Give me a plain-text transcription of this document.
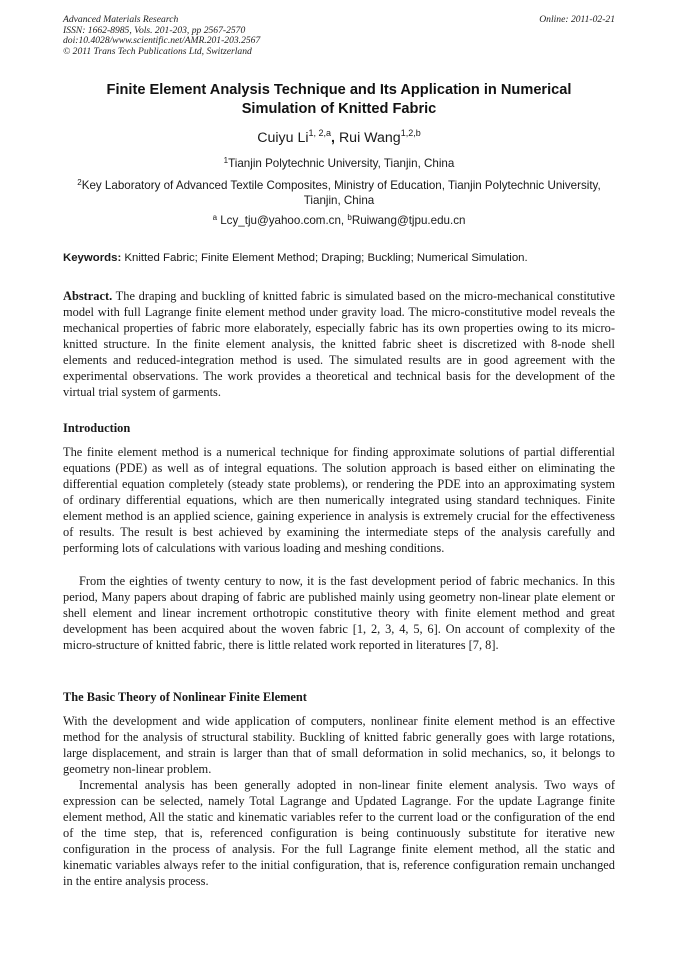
Advanced Materials Research
ISSN: 1662-8985, Vols. 201-203, pp 2567-2570
doi:10.4028/www.scientific.net/AMR.201-203.2567
© 2011 Trans Tech Publications Ltd, Switzerland
Online: 2011-02-21
Finite Element Analysis Technique and Its Application in Numerical
Simulation of Knitted Fabric
Cuiyu Li$^{1, 2,a}$, Rui Wang$^{1,2,b}$
$^1$Tianjin Polytechnic University, Tianjin, China
$^2$Key Laboratory of Advanced Textile Composites, Ministry of Education, Tianjin Polytechnic University, Tianjin, China
$^a$ Lcy_tju@yahoo.com.cn, $^b$Ruiwang@tjpu.edu.cn
Keywords: Knitted Fabric; Finite Element Method; Draping; Buckling; Numerical Simulation.
Abstract. The draping and buckling of knitted fabric is simulated based on the micro-mechanical constitutive model with full Lagrange finite element method under gravity load. The micro-constitutive model reveals the mechanical properties of fabric more elaborately, especially fabric has its own properties owing to its micro-knitted structure. In the finite element analysis, the knitted fabric sheet is discretized with 8-node shell elements and reduced-integration method is used. The simulated results are in good agreement with the experimental observations. The work provides a theoretical and technical basis for the development of the virtual trial system of garments.
Introduction
The finite element method is a numerical technique for finding approximate solutions of partial differential equations (PDE) as well as of integral equations. The solution approach is based either on eliminating the differential equation completely (steady state problems), or rendering the PDE into an approximating system of ordinary differential equations, which are then numerically integrated using standard techniques. Finite element method is an applied science, gaining experience in analysis is extremely crucial for the effectiveness of results. The result is best achieved by examining the intermediate steps of the analysis carefully and performing lots of calculations with various loading and meshing conditions.
From the eighties of twenty century to now, it is the fast development period of fabric mechanics. In this period, Many papers about draping of fabric are published mainly using geometry non-linear plate element or shell element and linear increment orthotropic constitutive theory with finite element method and great development has been acquired about the woven fabric [1, 2, 3, 4, 5, 6]. On account of complexity of the micro-structure of knitted fabric, there is little related work reported in literatures [7, 8].
The Basic Theory of Nonlinear Finite Element
With the development and wide application of computers, nonlinear finite element method is an effective method for the analysis of structural stability. Buckling of knitted fabric generally goes with large rotations, large displacement, and strain is larger than that of small deformation in solid mechanics, so, it belongs to geometry non-linear problem.
Incremental analysis has been generally adopted in non-linear finite element analysis. Two ways of expression can be selected, namely Total Lagrange and Updated Lagrange. For the update Lagrange finite element method, All the static and kinematic variables refer to the current load or the configuration of the end of the time step, that is, referenced configuration is being continuously substitute for iterative new configuration in the process of analysis. For the full Lagrange finite element method, all the static and kinematic variables always refer to the initial configuration, that is, reference configuration remain unchanged in the entire analysis process.
